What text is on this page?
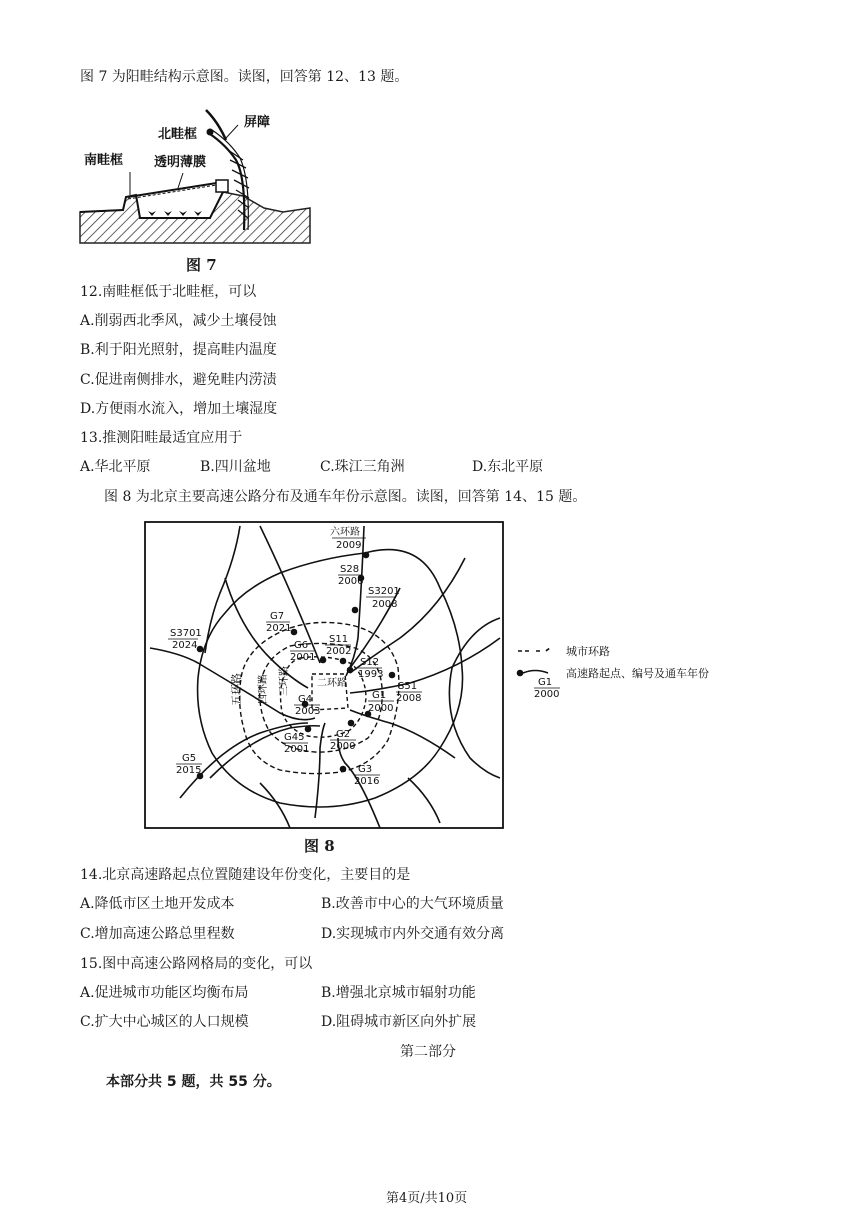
图 7 为阳畦结构示意图。读图，回答第 12、13 题。
屏障
北畦框
南畦框 透明薄膜
图 7
12.南畦框低于北畦框，可以
A.削弱西北季风，减少土壤侵蚀
B.利于阳光照射，提高畦内温度
C.促进南侧排水，避免畦内涝渍
D.方便雨水流入，增加土壤湿度
13.推测阳畦最适宜应用于
A.华北平原	B.四川盆地	C.珠江三角洲	D.东北平原
图 8 为北京主要高速公路分布及通车年份示意图。读图，回答第 14、15 题。
六环路
2009
五环路 四环路 三环路	二环路
S28
2006
S3201
2008
G7
2021
G6
2001
S11
2002
S12
1993
S3701
2024
S51
2008
G1
2000
G4
2003
G45
2001
G2
2000
G5
2015	G3
2016
城市环路
G1
2000
高速路起点、编号及通车年份
图 8
14.北京高速路起点位置随建设年份变化，主要目的是
A.降低市区土地开发成本	B.改善市中心的大气环境质量
C.增加高速公路总里程数	D.实现城市内外交通有效分离
15.图中高速公路网格局的变化，可以
A.促进城市功能区均衡布局	B.增强北京城市辐射功能
C.扩大中心城区的人口规模	D.阻碍城市新区向外扩展
第二部分
本部分共 5 题，共 55 分。
第4页/共10页
